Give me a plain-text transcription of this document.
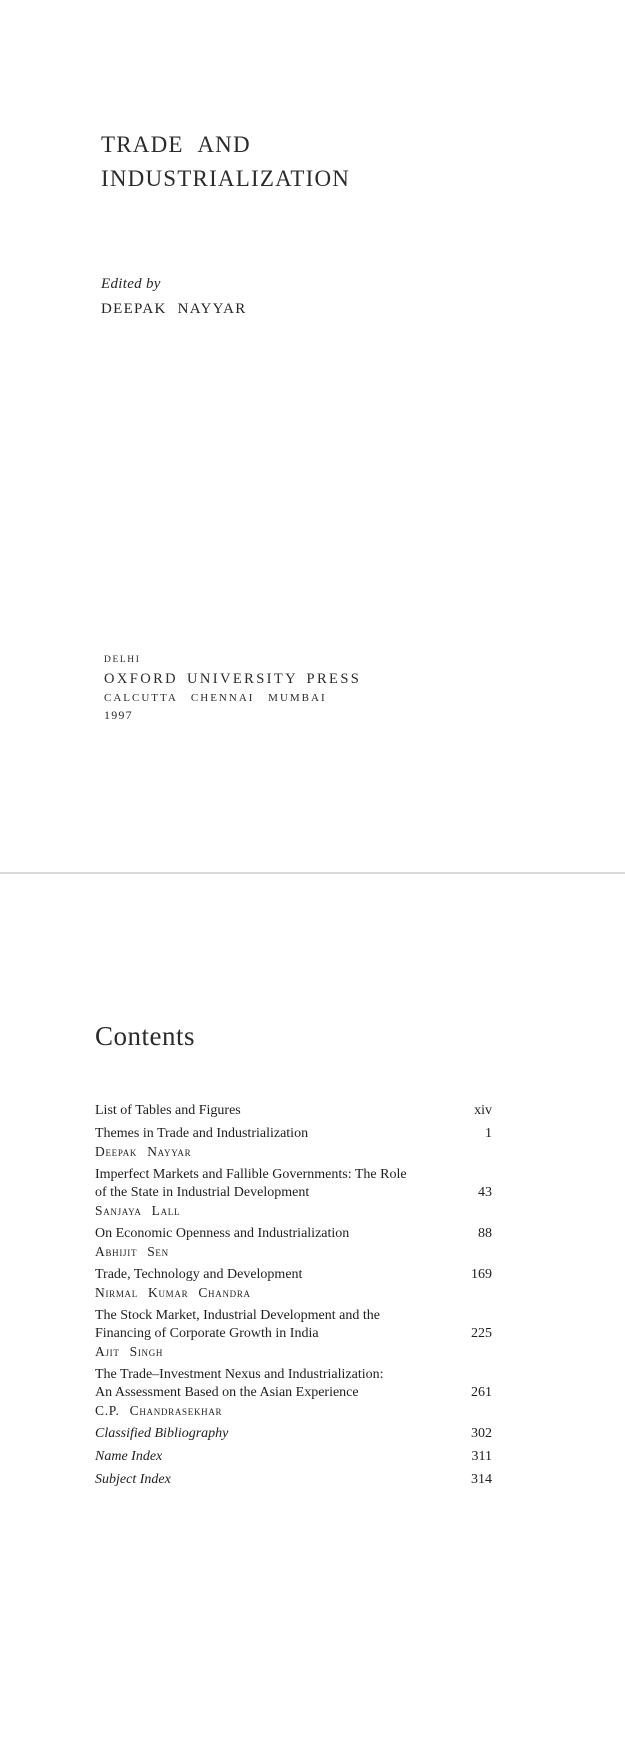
TRADE AND
INDUSTRIALIZATION
Edited by
DEEPAK NAYYAR
DELHI
OXFORD UNIVERSITY PRESS
CALCUTTA CHENNAI MUMBAI
1997
Contents
List of Tables and Figures	xiv
Themes in Trade and Industrialization	1
Deepak Nayyar
Imperfect Markets and Fallible Governments: The Role
of the State in Industrial Development	43
Sanjaya Lall
On Economic Openness and Industrialization	88
Abhijit Sen
Trade, Technology and Development	169
Nirmal Kumar Chandra
The Stock Market, Industrial Development and the
Financing of Corporate Growth in India	225
Ajit Singh
The Trade–Investment Nexus and Industrialization:
An Assessment Based on the Asian Experience	261
C.P. Chandrasekhar
Classified Bibliography	302
Name Index	311
Subject Index	314
